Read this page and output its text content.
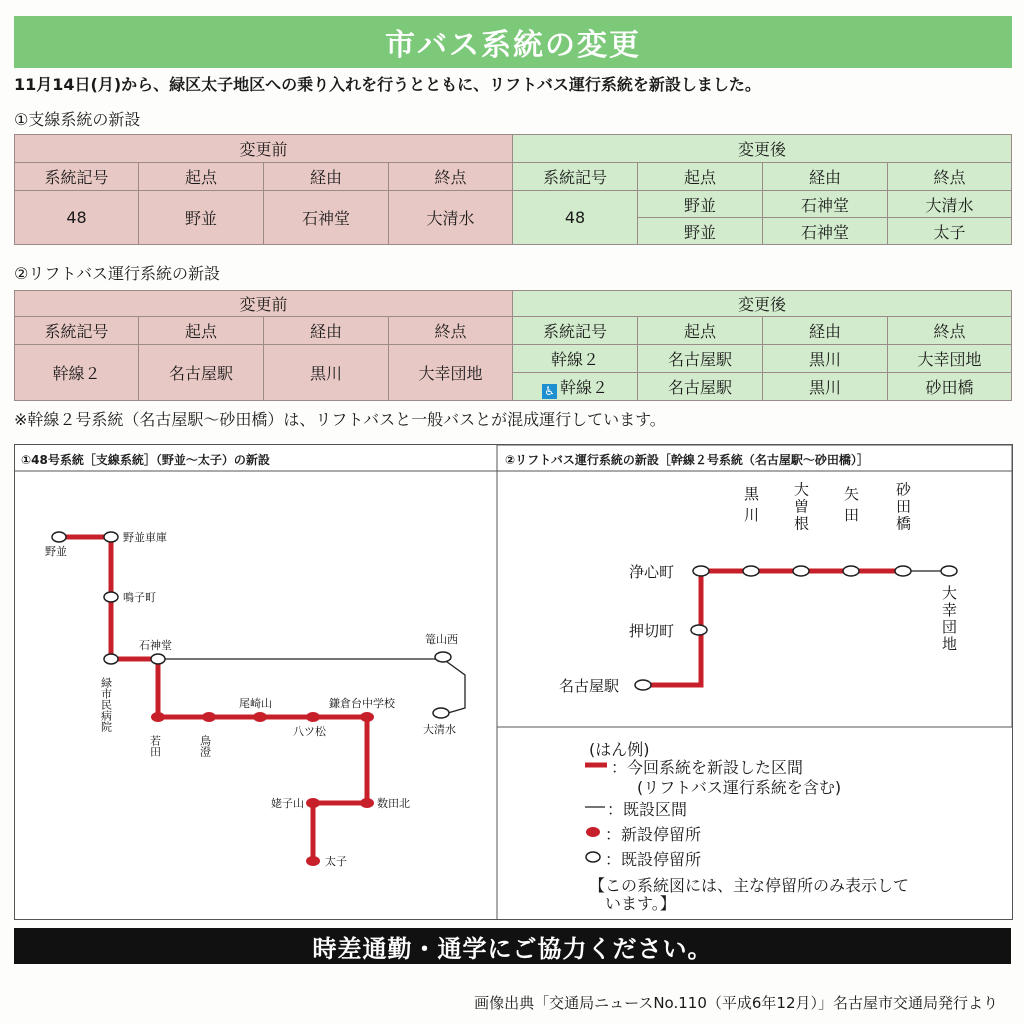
市バス系統の変更
11月14日(月)から、緑区太子地区への乗り入れを行うとともに、リフトバス運行系統を新設しました。
①支線系統の新設
変更前				変更後			
系統記号	起点	経由	終点	系統記号	起点	経由	終点
48	野並	石神堂	大清水	48	野並	石神堂	大清水
					野並	石神堂	太子
②リフトバス運行系統の新設
変更前				変更後			
系統記号	起点	経由	終点	系統記号	起点	経由	終点
幹線２	名古屋駅	黒川	大幸団地	幹線２	名古屋駅	黒川	大幸団地
				♿ 幹線２	名古屋駅	黒川	砂田橋
※幹線２号系統（名古屋駅〜砂田橋）は、リフトバスと一般バスとが混成運行しています。
野並
野並車庫
鳴子町
石神堂	篭山西
大清水
尾崎山	鎌倉台中学校
八ツ松
姥子山	数田北
太子
緑市民病院
若田	鳥澄
名古屋駅
押切町
浄心町
黒川 大曽根 矢田 砂田橋
大幸団地
①48号系統［支線系統］（野並〜太子）の新設	②リフトバス運行系統の新設［幹線２号系統（名古屋駅〜砂田橋）］
(はん例)
：今回系統を新設した区間
(リフトバス運行系統を含む)
：既設区間
：新設停留所
：既設停留所
【この系統図には、主な停留所のみ表示して
います。】
時差通勤・通学にご協力ください。
画像出典「交通局ニュースNo.110（平成6年12月）」名古屋市交通局発行より
